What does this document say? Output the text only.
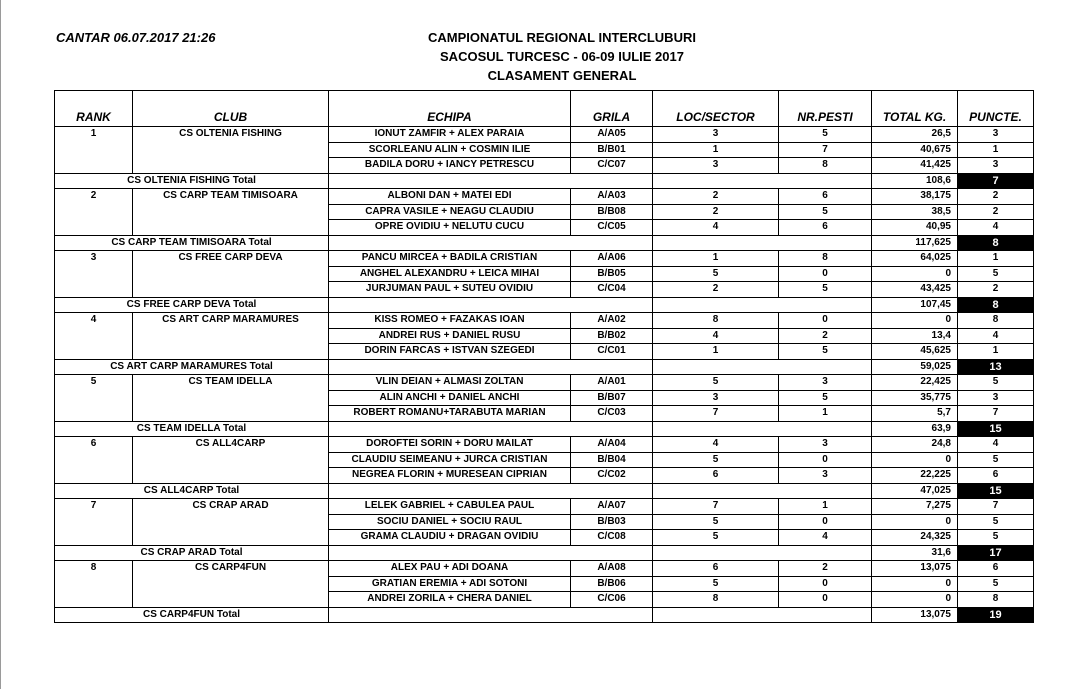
CANTAR 06.07.2017 21:26	CAMPIONATUL REGIONAL INTERCLUBURI
SACOSUL TURCESC - 06-09 IULIE 2017
CLASAMENT GENERAL
RANK	CLUB	ECHIPA	GRILA	LOC/SECTOR	NR.PESTI	TOTAL KG.	PUNCTE.
1	CS OLTENIA FISHING	IONUT ZAMFIR + ALEX PARAIA	A/A05	3	5	26,5	3
		SCORLEANU ALIN + COSMIN ILIE	B/B01	1	7	40,675	1
		BADILA DORU + IANCY PETRESCU	C/C07	3	8	41,425	3
CS OLTENIA FISHING Total						108,6	7
2	CS CARP TEAM TIMISOARA	ALBONI DAN + MATEI EDI	A/A03	2	6	38,175	2
		CAPRA VASILE + NEAGU CLAUDIU	B/B08	2	5	38,5	2
		OPRE OVIDIU + NELUTU CUCU	C/C05	4	6	40,95	4
CS CARP TEAM TIMISOARA Total						117,625	8
3	CS FREE CARP DEVA	PANCU MIRCEA + BADILA CRISTIAN	A/A06	1	8	64,025	1
		ANGHEL ALEXANDRU + LEICA MIHAI	B/B05	5	0	0	5
		JURJUMAN PAUL + SUTEU OVIDIU	C/C04	2	5	43,425	2
CS FREE CARP DEVA Total						107,45	8
4	CS ART CARP MARAMURES	KISS ROMEO + FAZAKAS IOAN	A/A02	8	0	0	8
		ANDREI RUS + DANIEL RUSU	B/B02	4	2	13,4	4
		DORIN FARCAS + ISTVAN SZEGEDI	C/C01	1	5	45,625	1
CS ART CARP MARAMURES Total						59,025	13
5	CS TEAM IDELLA	VLIN DEIAN + ALMASI ZOLTAN	A/A01	5	3	22,425	5
		ALIN ANCHI + DANIEL ANCHI	B/B07	3	5	35,775	3
		ROBERT ROMANU+TARABUTA MARIAN	C/C03	7	1	5,7	7
CS TEAM IDELLA Total						63,9	15
6	CS ALL4CARP	DOROFTEI SORIN + DORU MAILAT	A/A04	4	3	24,8	4
		CLAUDIU SEIMEANU + JURCA CRISTIAN	B/B04	5	0	0	5
		NEGREA FLORIN + MURESEAN CIPRIAN	C/C02	6	3	22,225	6
CS ALL4CARP Total						47,025	15
7	CS CRAP ARAD	LELEK GABRIEL + CABULEA PAUL	A/A07	7	1	7,275	7
		SOCIU DANIEL + SOCIU RAUL	B/B03	5	0	0	5
		GRAMA CLAUDIU + DRAGAN OVIDIU	C/C08	5	4	24,325	5
CS CRAP ARAD Total						31,6	17
8	CS CARP4FUN	ALEX PAU + ADI DOANA	A/A08	6	2	13,075	6
		GRATIAN EREMIA + ADI SOTONI	B/B06	5	0	0	5
		ANDREI ZORILA + CHERA DANIEL	C/C06	8	0	0	8
CS CARP4FUN Total						13,075	19
